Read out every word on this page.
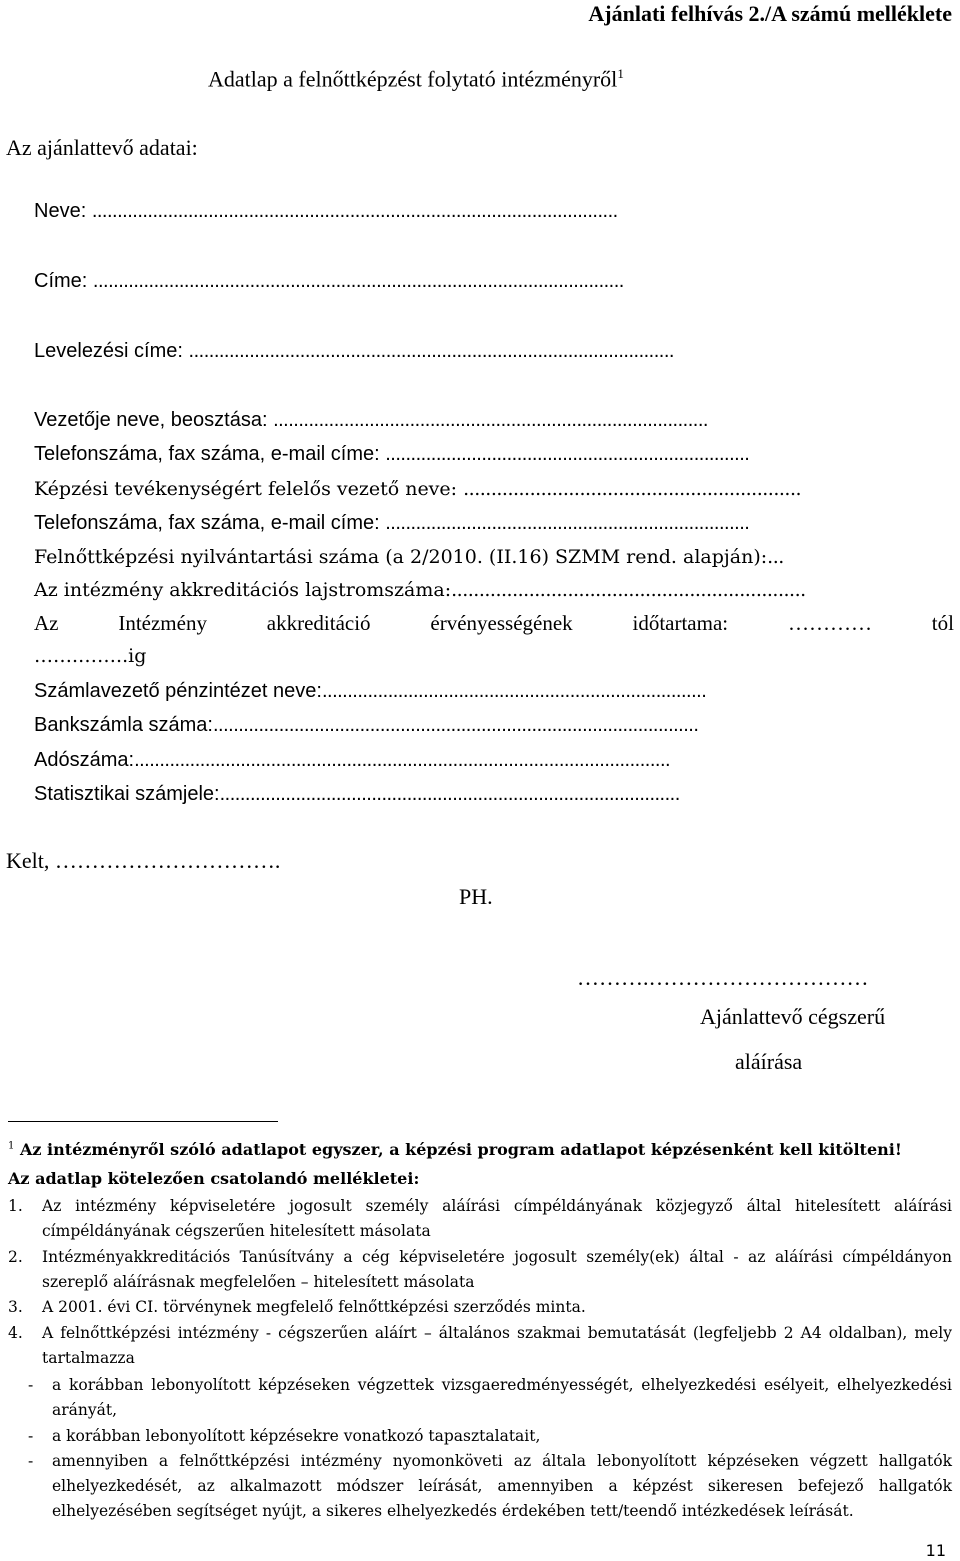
Ajánlati felhívás 2./A számú melléklete
Adatlap a felnőttképzést folytató intézményről$^1$
Az ajánlattevő adatai:
Neve: ........................................................................................................
Címe: .........................................................................................................
Levelezési címe: ................................................................................................
Vezetője neve, beosztása: ......................................................................................
Telefonszáma, fax száma, e-mail címe: ........................................................................
Képzési tevékenységért felelős vezető neve: .............................................................
Telefonszáma, fax száma, e-mail címe: ........................................................................
Felnőttképzési nyilvántartási száma (a 2/2010. (II.16) SZMM rend. alapján):...
Az intézmény akkreditációs lajstromszáma:................................................................
Az	Intézmény	akkreditáció	érvényességének	időtartama:	…………	tól
…….……..ig
Számlavezető pénzintézet neve:............................................................................
Bankszámla száma:................................................................................................
Adószáma:..........................................................................................................
Statisztikai számjele:...........................................................................................
Kelt, ………………………….
PH.
……….…………………………
Ajánlattevő cégszerű
aláírása
$^1$ Az intézményről szóló adatlapot egyszer, a képzési program adatlapot képzésenként kell kitölteni!
Az adatlap kötelezően csatolandó mellékletei:
1. Az intézmény képviseletére jogosult személy aláírási címpéldányának közjegyző által hitelesített aláírási címpéldányának cégszerűen hitelesített másolata
2. Intézményakkreditációs Tanúsítvány a cég képviseletére jogosult személy(ek) által - az aláírási címpéldányon szereplő aláírásnak megfelelően – hitelesített másolata
3. A 2001. évi CI. törvénynek megfelelő felnőttképzési szerződés minta.
4. A felnőttképzési intézmény - cégszerűen aláírt – általános szakmai bemutatását (legfeljebb 2 A4 oldalban), mely tartalmazza
- a korábban lebonyolított képzéseken végzettek vizsgaeredményességét, elhelyezkedési esélyeit, elhelyezkedési arányát,
- a korábban lebonyolított képzésekre vonatkozó tapasztalatait,
- amennyiben a felnőttképzési intézmény nyomonköveti az általa lebonyolított képzéseken végzett hallgatók elhelyezkedését, az alkalmazott módszer leírását, amennyiben a képzést sikeresen befejező hallgatók elhelyezésében segítséget nyújt, a sikeres elhelyezkedés érdekében tett/teendő intézkedések leírását.
11
